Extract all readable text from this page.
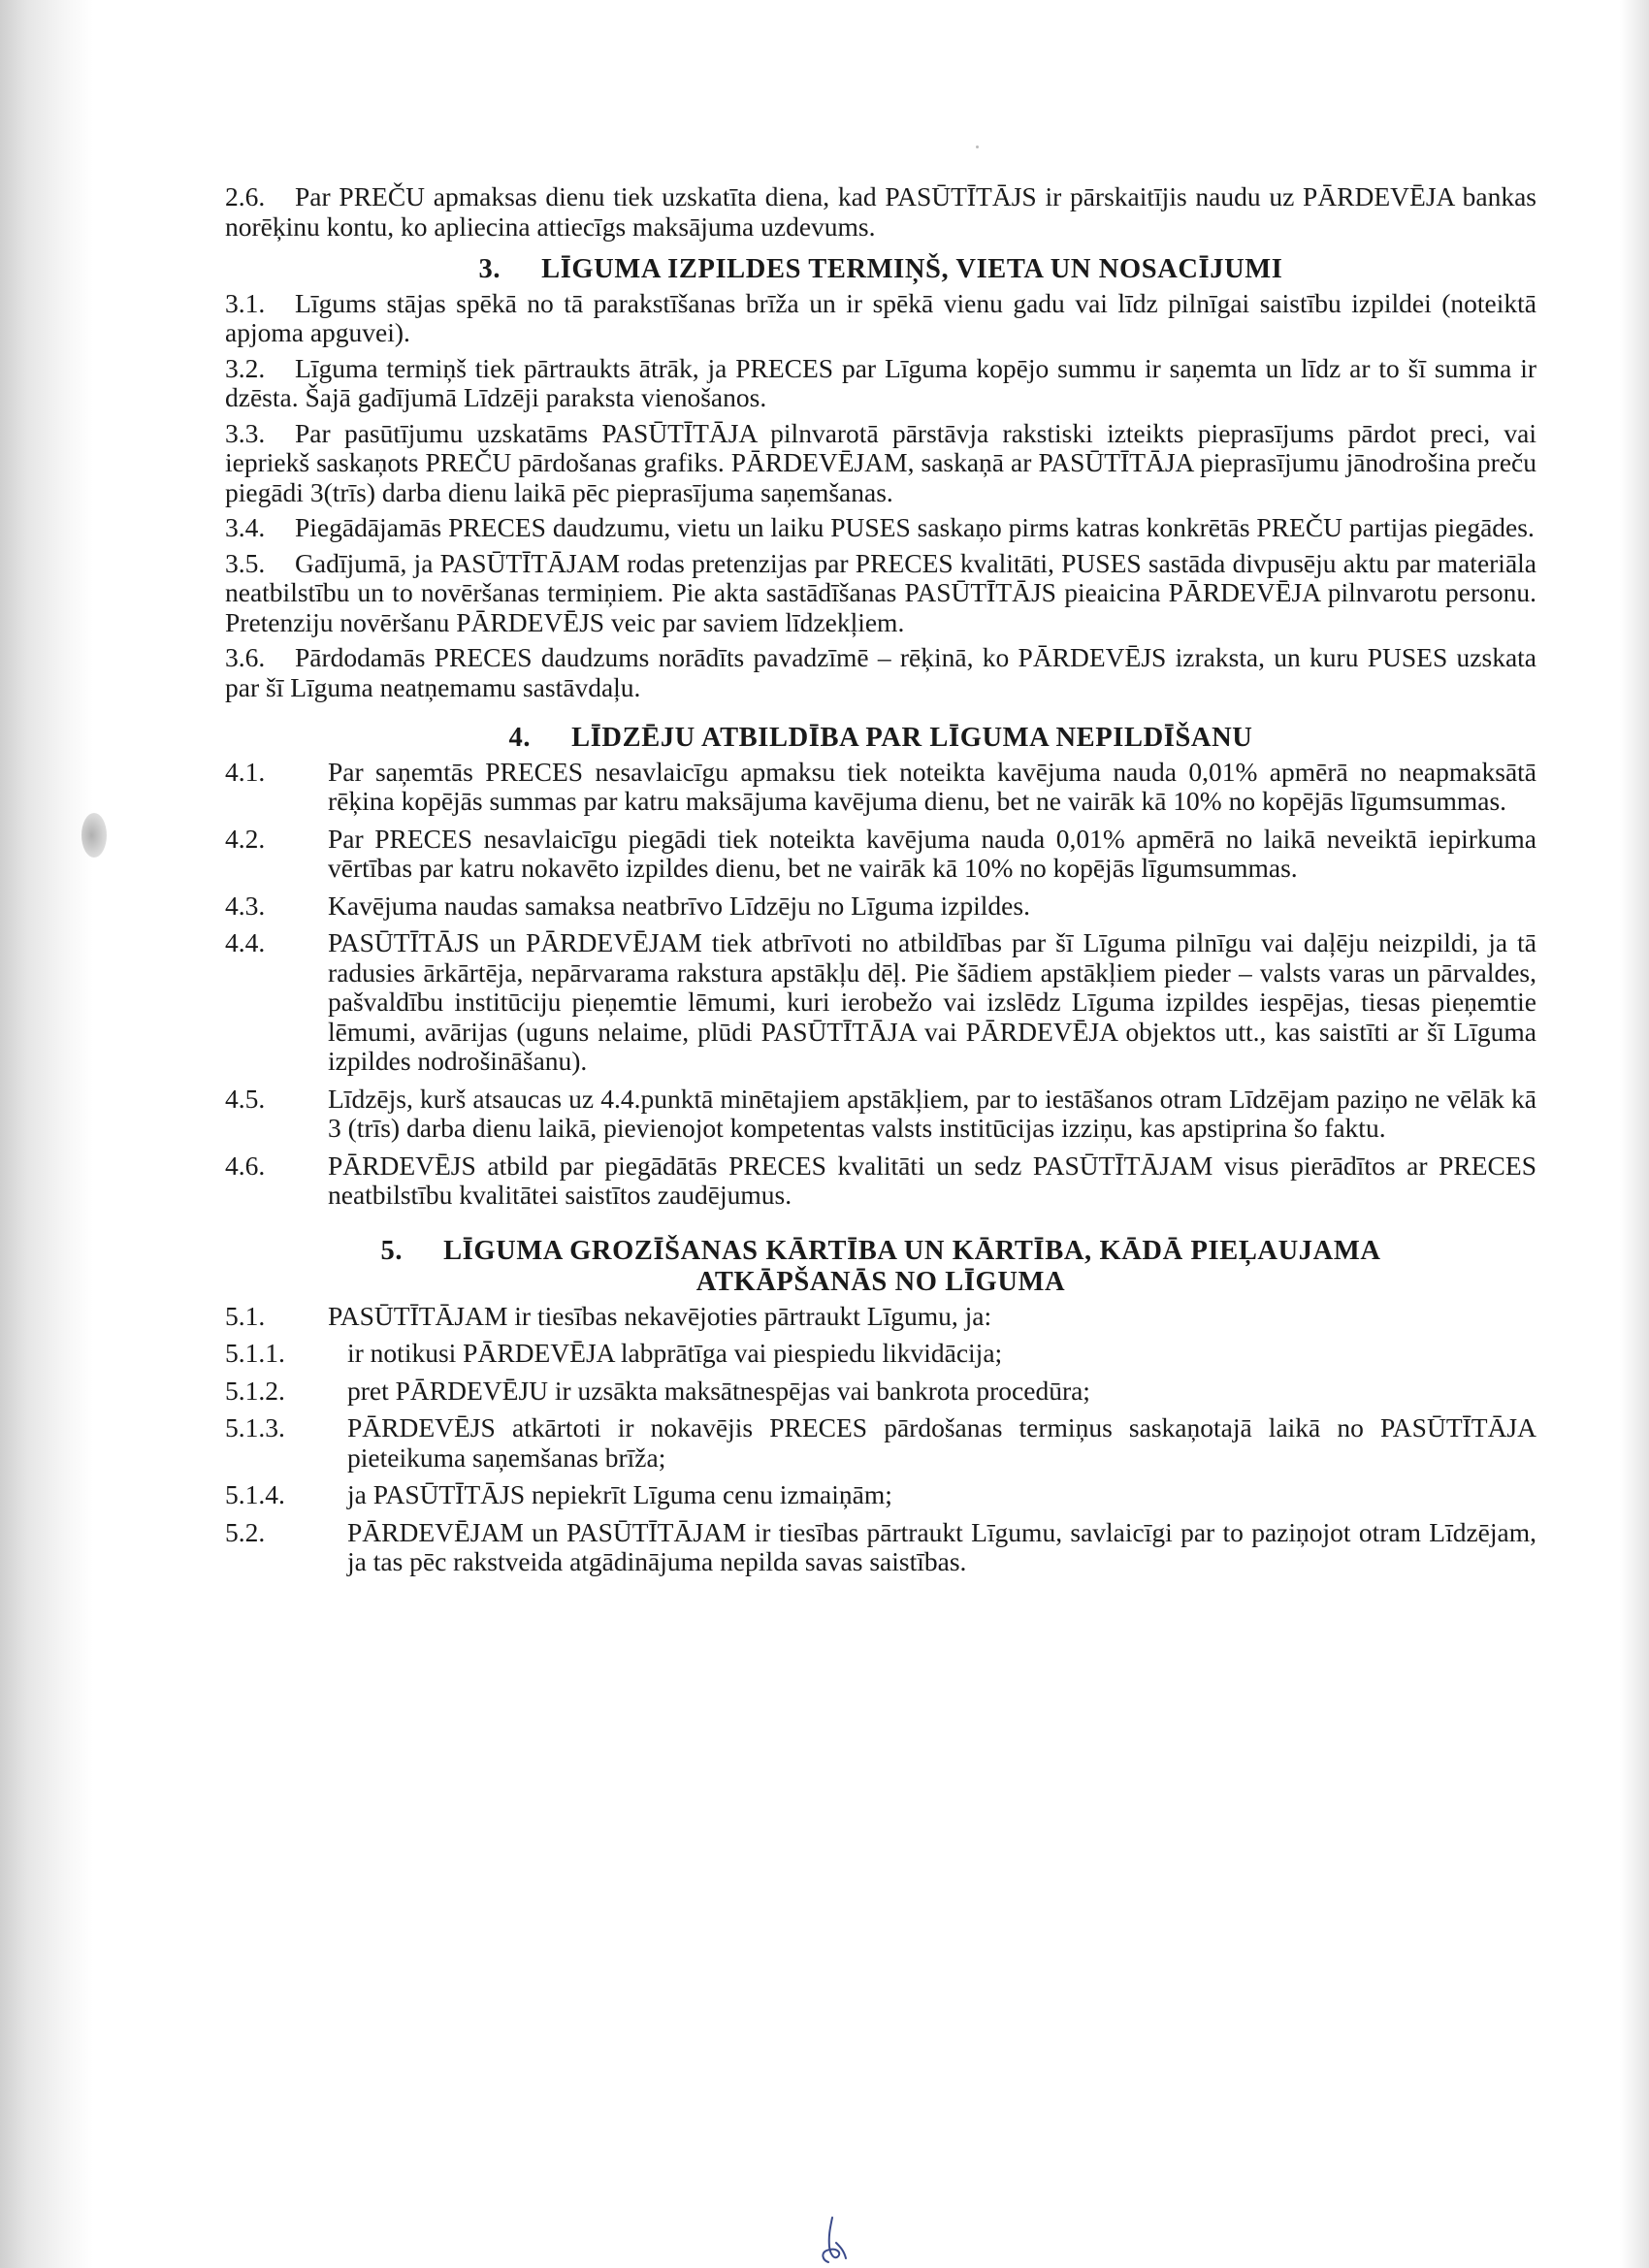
2.6. Par PREČU apmaksas dienu tiek uzskatīta diena, kad PASŪTĪTĀJS ir pārskaitījis naudu uz PĀRDEVĒJA bankas norēķinu kontu, ko apliecina attiecīgs maksājuma uzdevums.

3. LĪGUMA IZPILDES TERMIŅŠ, VIETA UN NOSACĪJUMI

3.1. Līgums stājas spēkā no tā parakstīšanas brīža un ir spēkā vienu gadu vai līdz pilnīgai saistību izpildei (noteiktā apjoma apguvei).

3.2. Līguma termiņš tiek pārtraukts ātrāk, ja PRECES par Līguma kopējo summu ir saņemta un līdz ar to šī summa ir dzēsta. Šajā gadījumā Līdzēji paraksta vienošanos.

3.3. Par pasūtījumu uzskatāms PASŪTĪTĀJA pilnvarotā pārstāvja rakstiski izteikts pieprasījums pārdot preci, vai iepriekš saskaņots PREČU pārdošanas grafiks. PĀRDEVĒJAM, saskaņā ar PASŪTĪTĀJA pieprasījumu jānodrošina preču piegādi 3(trīs) darba dienu laikā pēc pieprasījuma saņemšanas.

3.4. Piegādājamās PRECES daudzumu, vietu un laiku PUSES saskaņo pirms katras konkrētās PREČU partijas piegādes.

3.5. Gadījumā, ja PASŪTĪTĀJAM rodas pretenzijas par PRECES kvalitāti, PUSES sastāda divpusēju aktu par materiāla neatbilstību un to novēršanas termiņiem. Pie akta sastādīšanas PASŪTĪTĀJS pieaicina PĀRDEVĒJA pilnvarotu personu. Pretenziju novēršanu PĀRDEVĒJS veic par saviem līdzekļiem.

3.6. Pārdodamās PRECES daudzums norādīts pavadzīmē – rēķinā, ko PĀRDEVĒJS izraksta, un kuru PUSES uzskata par šī Līguma neatņemamu sastāvdaļu.

4. LĪDZĒJU ATBILDĪBA PAR LĪGUMA NEPILDĪŠANU
4.1.	Par saņemtās PRECES nesavlaicīgu apmaksu tiek noteikta kavējuma nauda 0,01% apmērā no neapmaksātā rēķina kopējās summas par katru maksājuma kavējuma dienu, bet ne vairāk kā 10% no kopējās līgumsummas.
4.2.	Par PRECES nesavlaicīgu piegādi tiek noteikta kavējuma nauda 0,01% apmērā no laikā neveiktā iepirkuma vērtības par katru nokavēto izpildes dienu, bet ne vairāk kā 10% no kopējās līgumsummas.
4.3.	Kavējuma naudas samaksa neatbrīvo Līdzēju no Līguma izpildes.
4.4.	PASŪTĪTĀJS un PĀRDEVĒJAM tiek atbrīvoti no atbildības par šī Līguma pilnīgu vai daļēju neizpildi, ja tā radusies ārkārtēja, nepārvarama rakstura apstākļu dēļ. Pie šādiem apstākļiem pieder – valsts varas un pārvaldes, pašvaldību institūciju pieņemtie lēmumi, kuri ierobežo vai izslēdz Līguma izpildes iespējas, tiesas pieņemtie lēmumi, avārijas (uguns nelaime, plūdi PASŪTĪTĀJA vai PĀRDEVĒJA objektos utt., kas saistīti ar šī Līguma izpildes nodrošināšanu).
4.5.	Līdzējs, kurš atsaucas uz 4.4.punktā minētajiem apstākļiem, par to iestāšanos otram Līdzējam paziņo ne vēlāk kā 3 (trīs) darba dienu laikā, pievienojot kompetentas valsts institūcijas izziņu, kas apstiprina šo faktu.
4.6.	PĀRDEVĒJS atbild par piegādātās PRECES kvalitāti un sedz PASŪTĪTĀJAM visus pierādītos ar PRECES neatbilstību kvalitātei saistītos zaudējumus.
5. LĪGUMA GROZĪŠANAS KĀRTĪBA UN KĀRTĪBA, KĀDĀ PIEĻAUJAMA
ATKĀPŠANĀS NO LĪGUMA
5.1.	PASŪTĪTĀJAM ir tiesības nekavējoties pārtraukt Līgumu, ja:
5.1.1.	ir notikusi PĀRDEVĒJA labprātīga vai piespiedu likvidācija;
5.1.2.	pret PĀRDEVĒJU ir uzsākta maksātnespējas vai bankrota procedūra;
5.1.3.	PĀRDEVĒJS atkārtoti ir nokavējis PRECES pārdošanas termiņus saskaņotajā laikā no PASŪTĪTĀJA pieteikuma saņemšanas brīža;
5.1.4.	ja PASŪTĪTĀJS nepiekrīt Līguma cenu izmaiņām;
5.2.	PĀRDEVĒJAM un PASŪTĪTĀJAM ir tiesības pārtraukt Līgumu, savlaicīgi par to paziņojot otram Līdzējam, ja tas pēc rakstveida atgādinājuma nepilda savas saistības.
